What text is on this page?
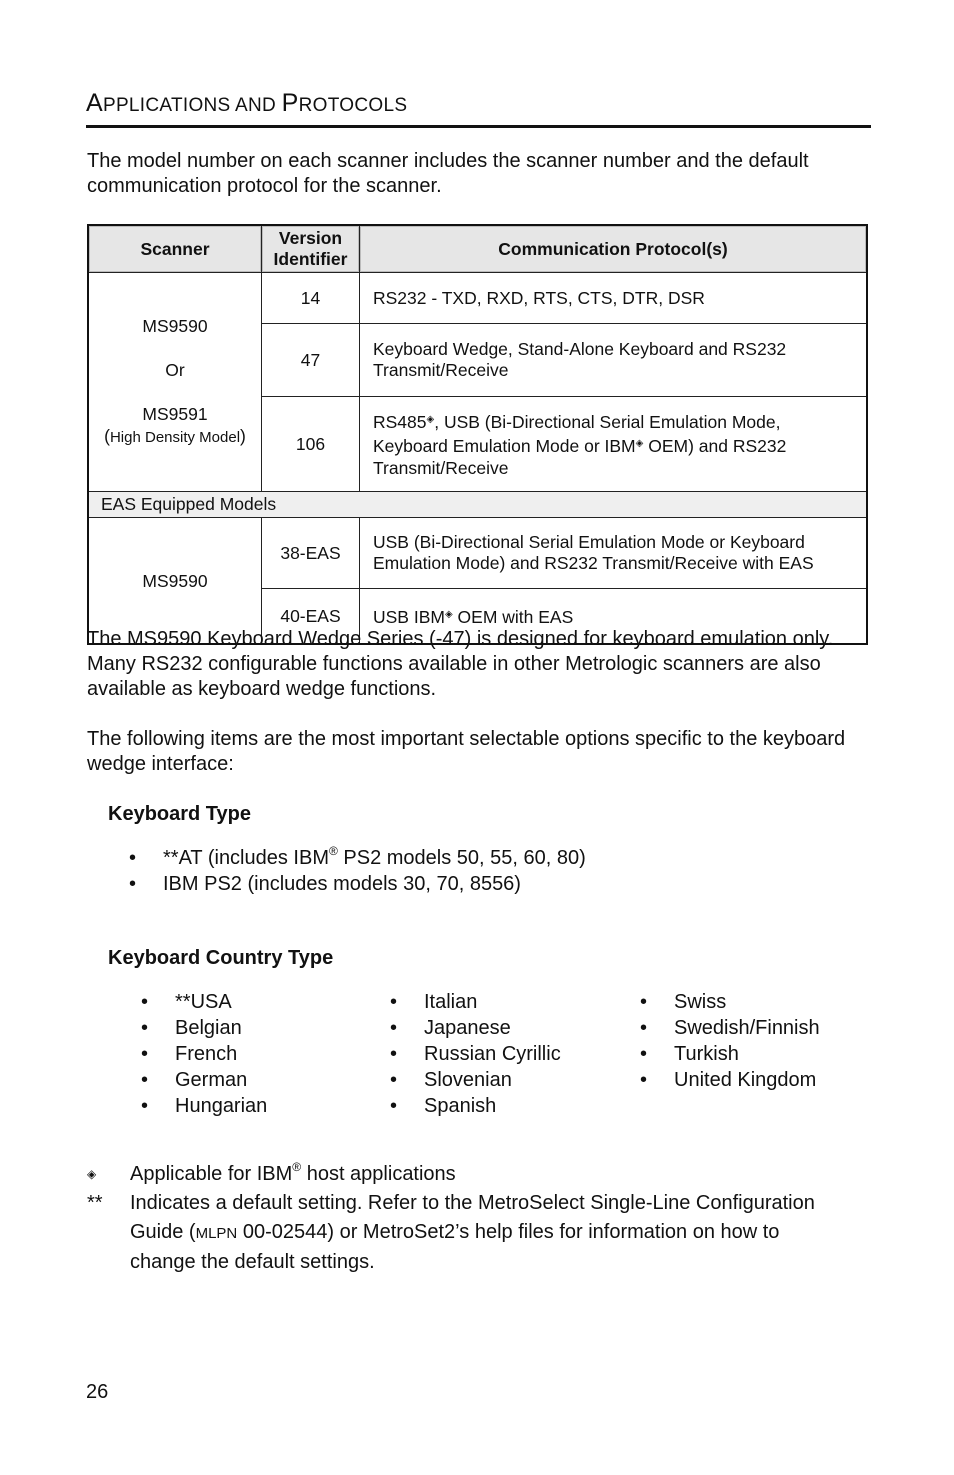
APPLICATIONS AND PROTOCOLS

The model number on each scanner includes the scanner number and the default communication protocol for the scanner.

Scanner	Version Identifier	Communication Protocol(s)

MS9590
Or
MS9591
(High Density Model)	14	RS232 - TXD, RXD, RTS, CTS, DTR, DSR
	47	Keyboard Wedge, Stand-Alone Keyboard and RS232 Transmit/Receive
	106	RS485◈, USB (Bi-Directional Serial Emulation Mode, Keyboard Emulation Mode or IBM◈ OEM) and RS232 Transmit/Receive
EAS Equipped Models		
MS9590	38-EAS	USB (Bi-Directional Serial Emulation Mode or Keyboard Emulation Mode) and RS232 Transmit/Receive with EAS
	40-EAS	USB IBM◈ OEM with EAS

The MS9590 Keyboard Wedge Series (-47) is designed for keyboard emulation only. Many RS232 configurable functions available in other Metrologic scanners are also available as keyboard wedge functions.

The following items are the most important selectable options specific to the keyboard wedge interface:

Keyboard Type
• **AT (includes IBM® PS2 models 50, 55, 60, 80)
• IBM PS2 (includes models 30, 70, 8556)
Keyboard Country Type
• **USA
• Belgian
• French
• German
• Hungarian
• Italian
• Japanese
• Russian Cyrillic
• Slovenian
• Spanish
• Swiss
• Swedish/Finnish
• Turkish
• United Kingdom
◈	Applicable for IBM® host applications
**	Indicates a default setting. Refer to the MetroSelect Single-Line Configuration Guide (MLPN 00-02544) or MetroSet2’s help files for information on how to change the default settings.
26
